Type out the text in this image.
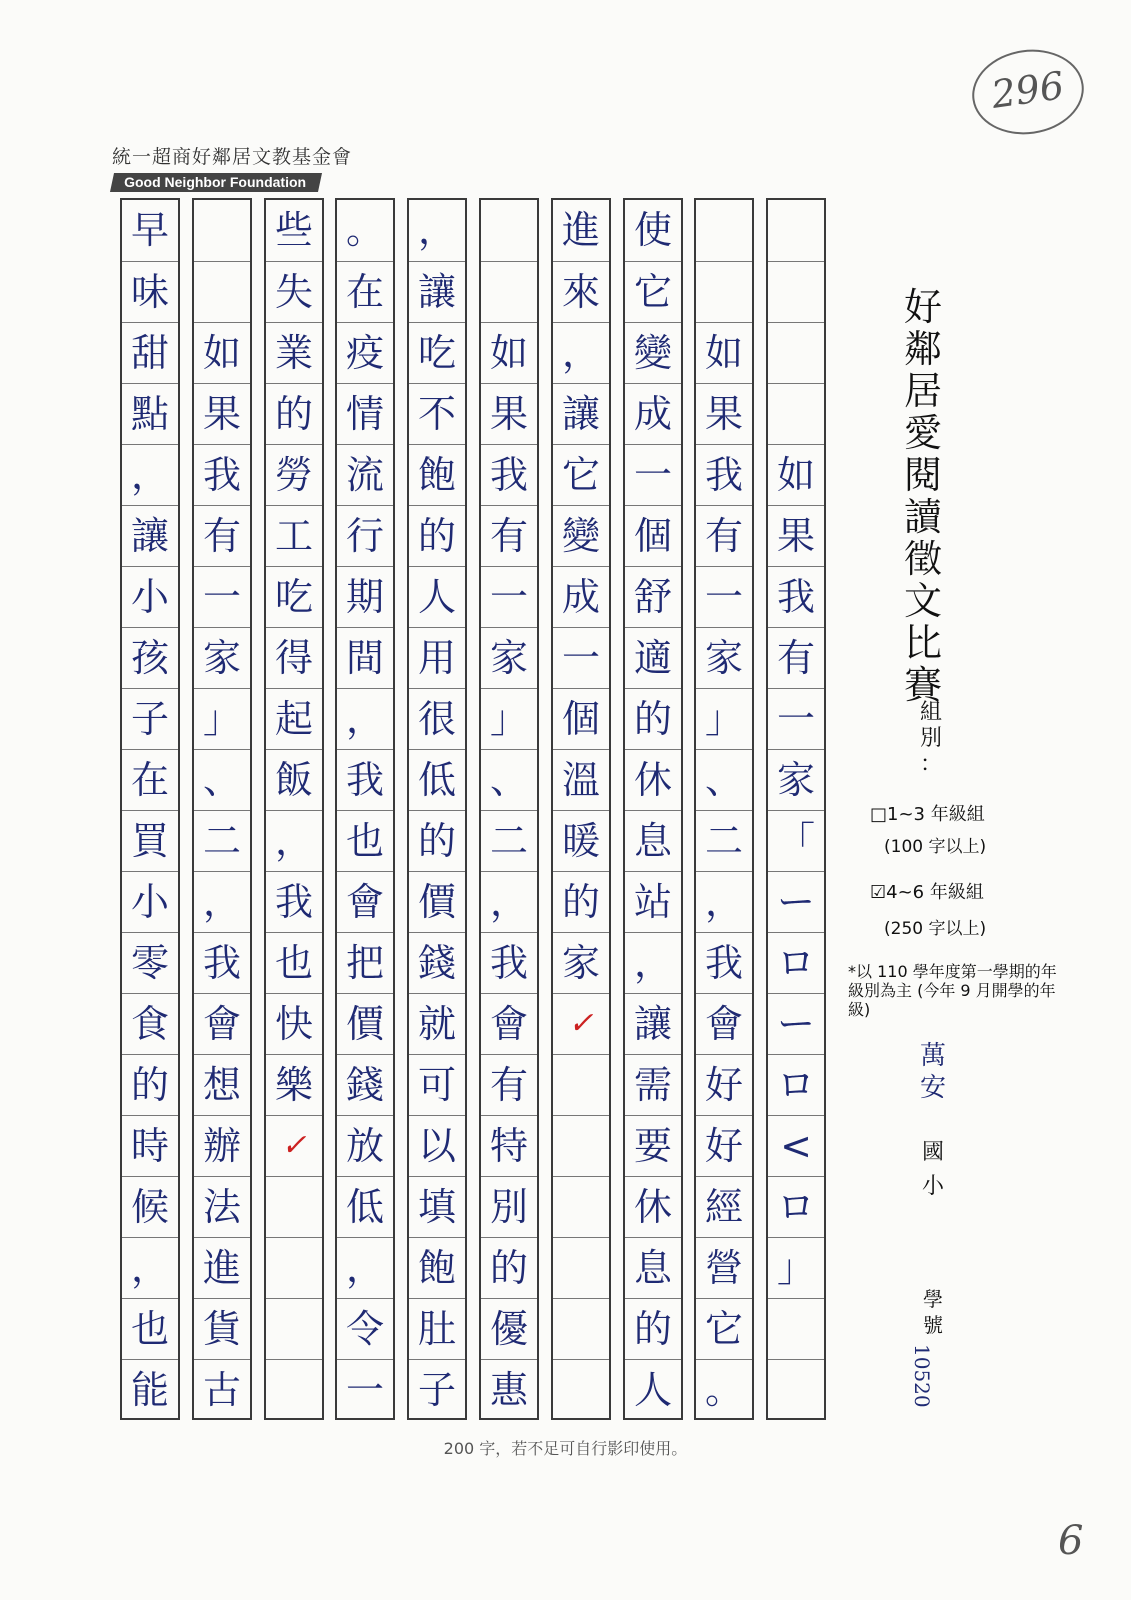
統一超商好鄰居文教基金會
Good Neighbor Foundation
296
如
果
我
有
一
家
「
ー
ロ
ー
ロ
<
ロ
」
如
果
我
有
一
家
」
、
二
，
我
會
好
好
經
營
它
。
使
它
變
成
一
個
舒
適
的
休
息
站
，
讓
需
要
休
息
的
人
進
來
，
讓
它
變
成
一
個
溫
暖
的
家
✓
如
果
我
有
一
家
」
、
二
，
我
會
有
特
別
的
優
惠
，
讓
吃
不
飽
的
人
用
很
低
的
價
錢
就
可
以
填
飽
肚
子
。
在
疫
情
流
行
期
間
，
我
也
會
把
價
錢
放
低
，
令
一
些
失
業
的
勞
工
吃
得
起
飯
，
我
也
快
樂
✓
如
果
我
有
一
家
」
、
二
，
我
會
想
辦
法
進
貨
古
早
味
甜
點
，
讓
小
孩
子
在
買
小
零
食
的
時
候
，
也
能
好
鄰
居
愛
閱
讀
徵
文
比
賽
組
別
：
□1~3 年級組
(100 字以上)
☑4~6 年級組
(250 字以上)
*以 110 學年度第一學期的年級別為主 (今年 9 月開學的年級)
萬
安
國
小
學
號
10520
200 字，若不足可自行影印使用。
6
